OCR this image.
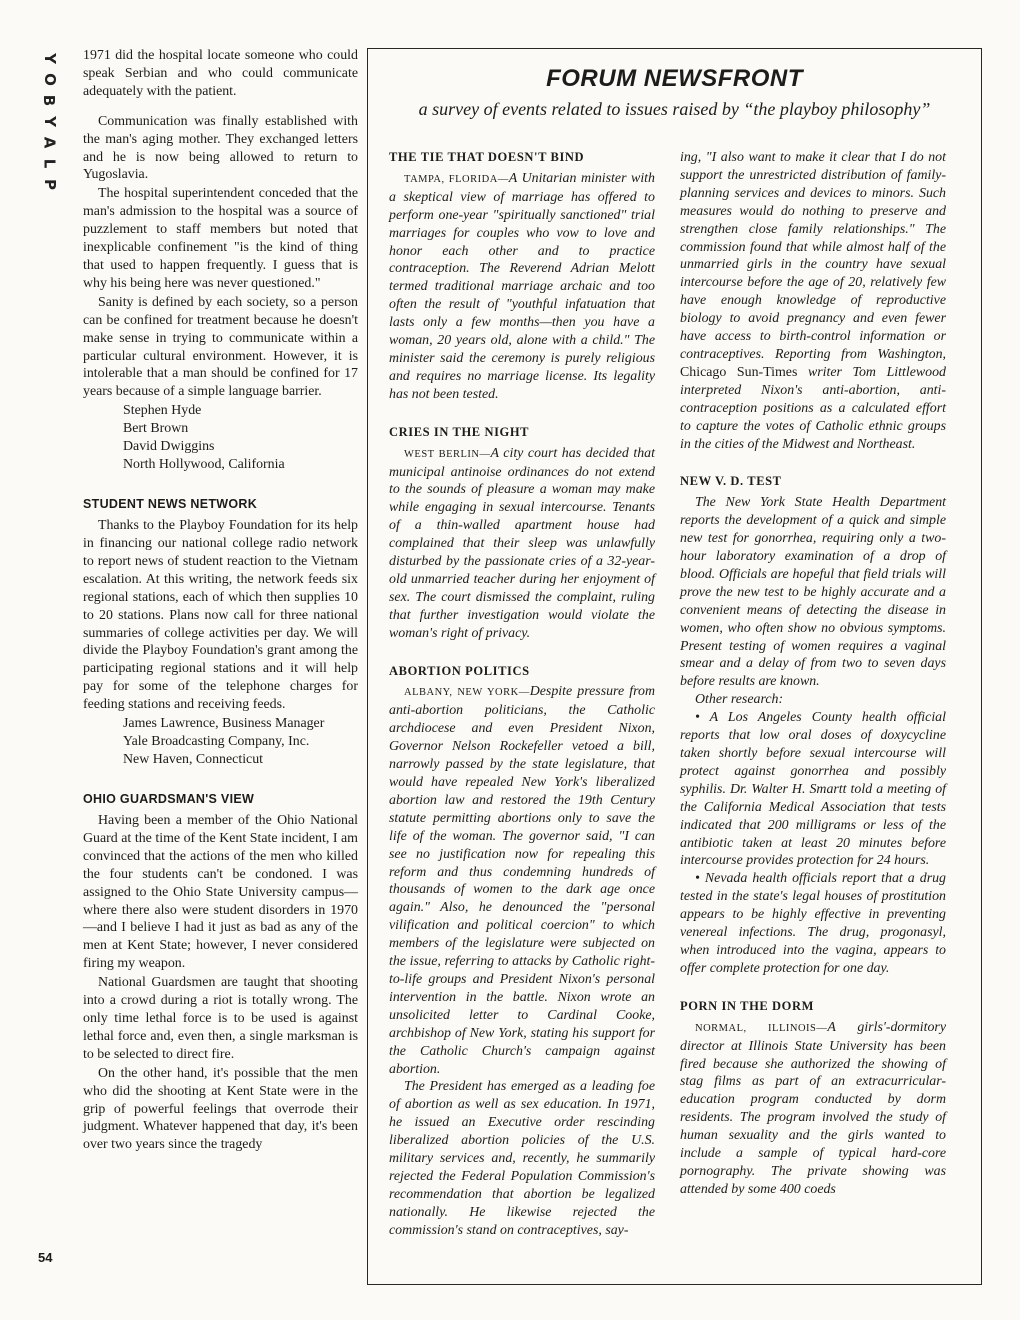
Y
O
B
Y
A
L
P
54

1971 did the hospital locate someone who could speak Serbian and who could communicate adequately with the patient.

Communication was finally established with the man's aging mother. They exchanged letters and he is now being allowed to return to Yugoslavia.

The hospital superintendent conceded that the man's admission to the hospital was a source of puzzlement to staff members but noted that inexplicable confinement "is the kind of thing that used to happen frequently. I guess that is why his being here was never questioned."

Sanity is defined by each society, so a person can be confined for treatment because he doesn't make sense in trying to communicate within a particular cultural environment. However, it is intolerable that a man should be confined for 17 years because of a simple language barrier.

Stephen Hyde
Bert Brown
David Dwiggins
North Hollywood, California
STUDENT NEWS NETWORK

Thanks to the Playboy Foundation for its help in financing our national college radio network to report news of student reaction to the Vietnam escalation. At this writing, the network feeds six regional stations, each of which then supplies 10 to 20 stations. Plans now call for three national summaries of college activities per day. We will divide the Playboy Foundation's grant among the participating regional stations and it will help pay for some of the telephone charges for feeding stations and receiving feeds.

James Lawrence, Business Manager
Yale Broadcasting Company, Inc.
New Haven, Connecticut
OHIO GUARDSMAN'S VIEW

Having been a member of the Ohio National Guard at the time of the Kent State incident, I am convinced that the actions of the men who killed the four students can't be condoned. I was assigned to the Ohio State University campus—where there also were student disorders in 1970—and I believe I had it just as bad as any of the men at Kent State; however, I never considered firing my weapon.

National Guardsmen are taught that shooting into a crowd during a riot is totally wrong. The only time lethal force is to be used is against lethal force and, even then, a single marksman is to be selected to direct fire.

On the other hand, it's possible that the men who did the shooting at Kent State were in the grip of powerful feelings that overrode their judgment. Whatever happened that day, it's been over two years since the tragedy

FORUM NEWSFRONT
a survey of events related to issues raised by “the playboy philosophy”
THE TIE THAT DOESN'T BIND

TAMPA, FLORIDA—A Unitarian minister with a skeptical view of marriage has offered to perform one-year "spiritually sanctioned" trial marriages for couples who vow to love and honor each other and to practice contraception. The Reverend Adrian Melott termed traditional marriage archaic and too often the result of "youthful infatuation that lasts only a few months—then you have a woman, 20 years old, alone with a child." The minister said the ceremony is purely religious and requires no marriage license. Its legality has not been tested.

CRIES IN THE NIGHT

WEST BERLIN—A city court has decided that municipal antinoise ordinances do not extend to the sounds of pleasure a woman may make while engaging in sexual intercourse. Tenants of a thin-walled apartment house had complained that their sleep was unlawfully disturbed by the passionate cries of a 32-year-old unmarried teacher during her enjoyment of sex. The court dismissed the complaint, ruling that further investigation would violate the woman's right of privacy.

ABORTION POLITICS

ALBANY, NEW YORK—Despite pressure from anti-abortion politicians, the Catholic archdiocese and even President Nixon, Governor Nelson Rockefeller vetoed a bill, narrowly passed by the state legislature, that would have repealed New York's liberalized abortion law and restored the 19th Century statute permitting abortions only to save the life of the woman. The governor said, "I can see no justification now for repealing this reform and thus condemning hundreds of thousands of women to the dark age once again." Also, he denounced the "personal vilification and political coercion" to which members of the legislature were subjected on the issue, referring to attacks by Catholic right-to-life groups and President Nixon's personal intervention in the battle. Nixon wrote an unsolicited letter to Cardinal Cooke, archbishop of New York, stating his support for the Catholic Church's campaign against abortion.

The President has emerged as a leading foe of abortion as well as sex education. In 1971, he issued an Executive order rescinding liberalized abortion policies of the U.S. military services and, recently, he summarily rejected the Federal Population Commission's recommendation that abortion be legalized nationally. He likewise rejected the commission's stand on contraceptives, say-

ing, "I also want to make it clear that I do not support the unrestricted distribution of family-planning services and devices to minors. Such measures would do nothing to preserve and strengthen close family relationships." The commission found that while almost half of the unmarried girls in the country have sexual intercourse before the age of 20, relatively few have enough knowledge of reproductive biology to avoid pregnancy and even fewer have access to birth-control information or contraceptives. Reporting from Washington, Chicago Sun-Times writer Tom Littlewood interpreted Nixon's anti-abortion, anti-contraception positions as a calculated effort to capture the votes of Catholic ethnic groups in the cities of the Midwest and Northeast.

NEW V. D. TEST

The New York State Health Department reports the development of a quick and simple new test for gonorrhea, requiring only a two-hour laboratory examination of a drop of blood. Officials are hopeful that field trials will prove the new test to be highly accurate and a convenient means of detecting the disease in women, who often show no obvious symptoms. Present testing of women requires a vaginal smear and a delay of from two to seven days before results are known.

Other research:

• A Los Angeles County health official reports that low oral doses of doxycycline taken shortly before sexual intercourse will protect against gonorrhea and possibly syphilis. Dr. Walter H. Smartt told a meeting of the California Medical Association that tests indicated that 200 milligrams or less of the antibiotic taken at least 20 minutes before intercourse provides protection for 24 hours.

• Nevada health officials report that a drug tested in the state's legal houses of prostitution appears to be highly effective in preventing venereal infections. The drug, progonasyl, when introduced into the vagina, appears to offer complete protection for one day.

PORN IN THE DORM

NORMAL, ILLINOIS—A girls'-dormitory director at Illinois State University has been fired because she authorized the showing of stag films as part of an extracurricular-education program conducted by dorm residents. The program involved the study of human sexuality and the girls wanted to include a sample of typical hard-core pornography. The private showing was attended by some 400 coeds
